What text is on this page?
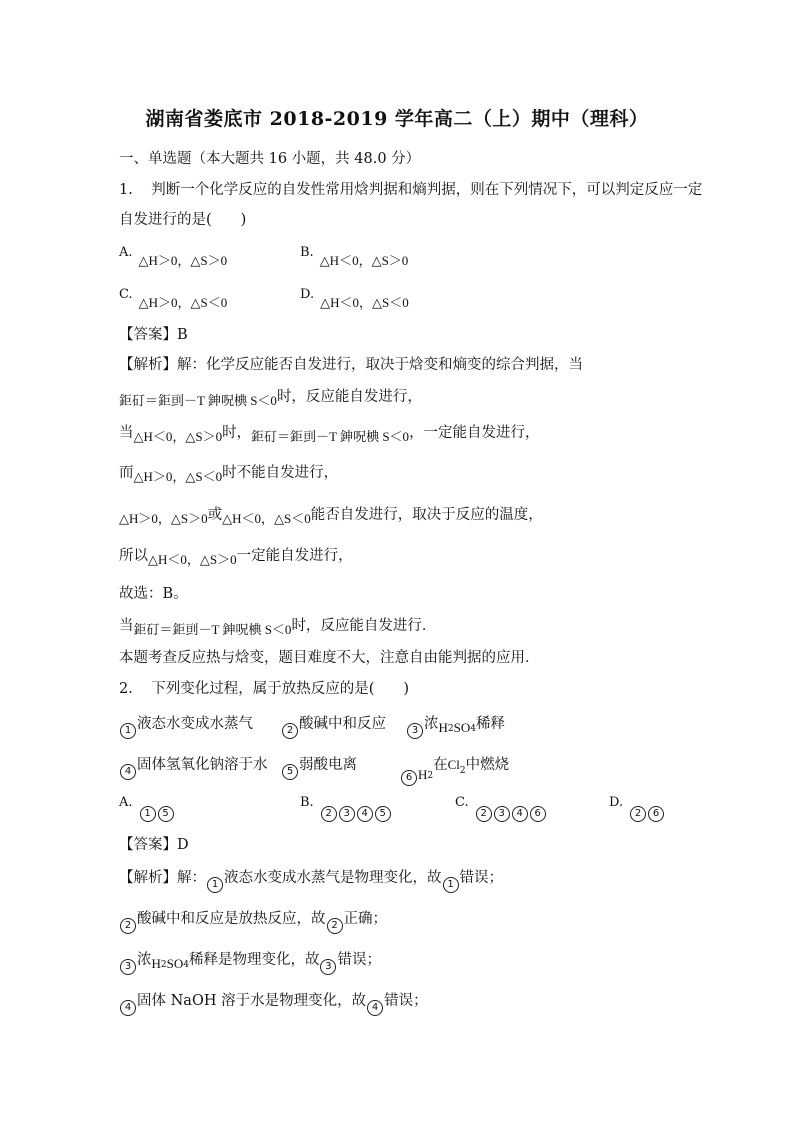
湖南省娄底市 2018-2019 学年高二（上）期中（理科）
一、单选题（本大题共 16 小题，共 48.0 分）
1. 判断一个化学反应的自发性常用焓判据和熵判据，则在下列情况下，可以判定反应一定
自发进行的是(　　)
A.△H＞0，△S＞0
B.△H＜0，△S＞0
C.△H＞0，△S＜0
D.△H＜0，△S＜0
【答案】B
【解析】解：化学反应能否自发进行，取决于焓变和熵变的综合判据，当
鉅矴＝鉅刯－T 鉮呪椣 S＜0时，反应能自发进行，
当△H＜0，△S＞0时，鉅矴＝鉅刯－T 鉮呪椣 S＜0，一定能自发进行，
而△H＞0，△S＜0时不能自发进行，
△H＞0，△S＞0或△H＜0，△S＜0能否自发进行，取决于反应的温度，
所以△H＜0，△S＞0一定能自发进行，
故选：B。
当鉅矴＝鉅刯－T 鉮呪椣 S＜0时，反应能自发进行．
本题考查反应热与焓变，题目难度不大，注意自由能判据的应用．
2. 下列变化过程，属于放热反应的是(　　)
1 液态水变成水蒸气	2 酸碱中和反应	3 浓$H_2SO_4$稀释
4 固体氢氧化钠溶于水	5 弱酸电离
6 $H_2$在Cl$^2$中燃烧
A.1 5
B.2 3 4 5
C.2 3 4 6
D.2 6
【答案】D
【解析】解： 1 液态水变成水蒸气是物理变化，故 1 错误；
2 酸碱中和反应是放热反应，故 2 正确；
3 浓$H_2SO_4$稀释是物理变化，故 3 错误；
4 固体 NaOH 溶于水是物理变化，故 4 错误；
